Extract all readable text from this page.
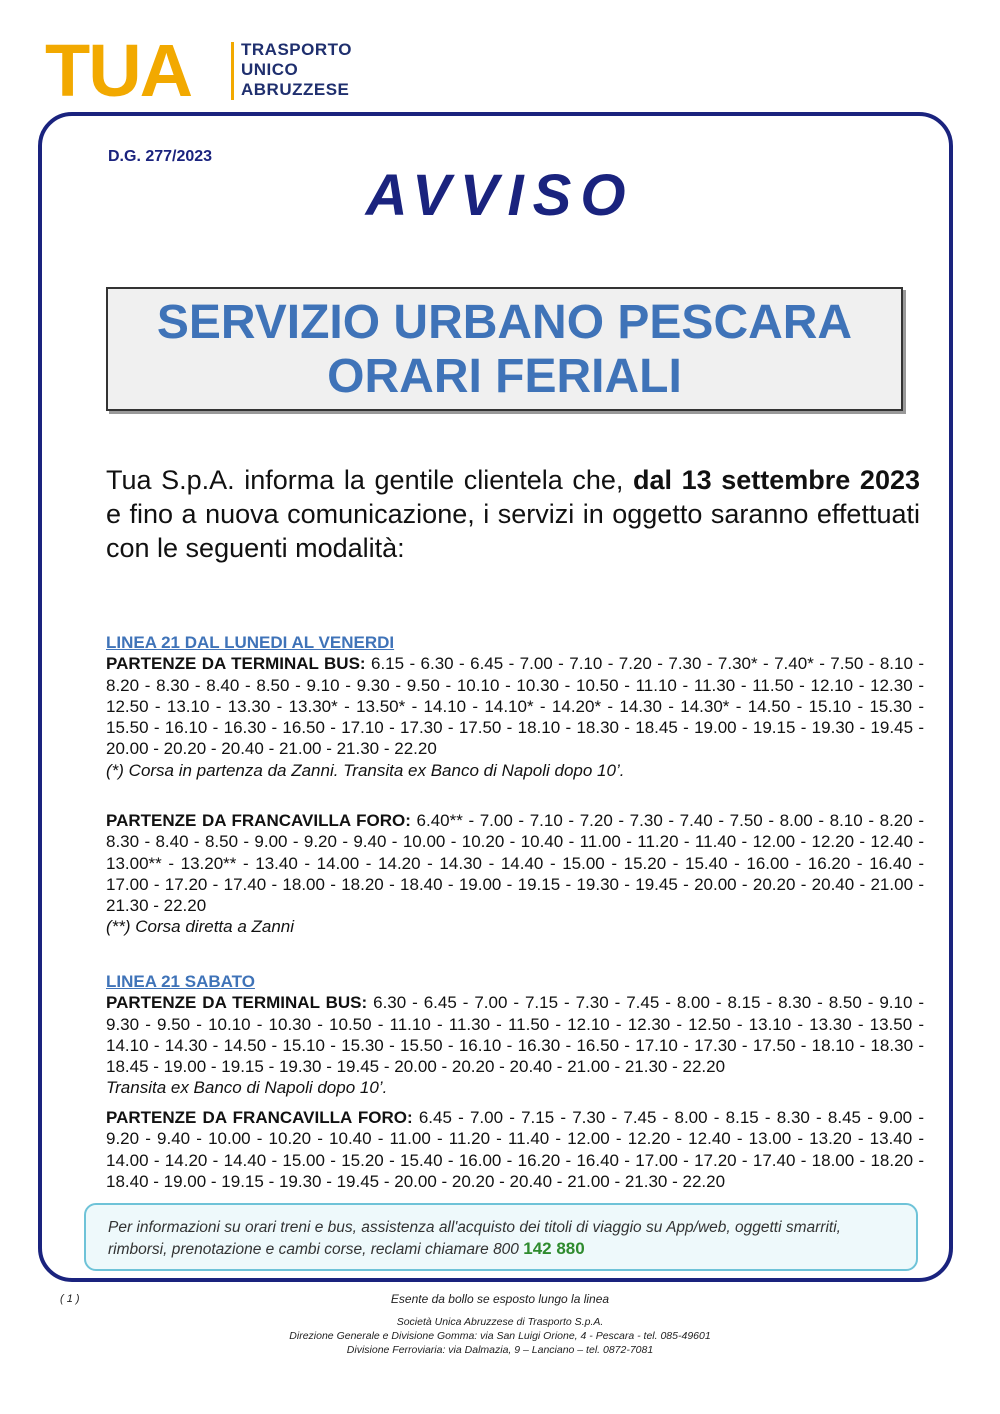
TUA	TRASPORTO
UNICO
ABRUZZESE
D.G. 277/2023
AVVISO
SERVIZIO URBANO PESCARA
ORARI FERIALI
Tua S.p.A. informa la gentile clientela che, dal 13 settembre 2023 e fino a nuova comunicazione, i servizi in oggetto saranno effettuati con le seguenti modalità:
LINEA 21 DAL LUNEDI AL VENERDI
PARTENZE DA TERMINAL BUS: 6.15 - 6.30 - 6.45 - 7.00 - 7.10 - 7.20 - 7.30 - 7.30* - 7.40* - 7.50 - 8.10 - 8.20 - 8.30 - 8.40 - 8.50 - 9.10 - 9.30 - 9.50 - 10.10 - 10.30 - 10.50 - 11.10 - 11.30 - 11.50 - 12.10 - 12.30 - 12.50 - 13.10 - 13.30 - 13.30* - 13.50* - 14.10 - 14.10* - 14.20* - 14.30 - 14.30* - 14.50 - 15.10 - 15.30 - 15.50 - 16.10 - 16.30 - 16.50 - 17.10 - 17.30 - 17.50 - 18.10 - 18.30 - 18.45 - 19.00 - 19.15 - 19.30 - 19.45 - 20.00 - 20.20 - 20.40 - 21.00 - 21.30 - 22.20
(*) Corsa in partenza da Zanni. Transita ex Banco di Napoli dopo 10’.
PARTENZE DA FRANCAVILLA FORO: 6.40** - 7.00 - 7.10 - 7.20 - 7.30 - 7.40 - 7.50 - 8.00 - 8.10 - 8.20 - 8.30 - 8.40 - 8.50 - 9.00 - 9.20 - 9.40 - 10.00 - 10.20 - 10.40 - 11.00 - 11.20 - 11.40 - 12.00 - 12.20 - 12.40 - 13.00** - 13.20** - 13.40 - 14.00 - 14.20 - 14.30 - 14.40 - 15.00 - 15.20 - 15.40 - 16.00 - 16.20 - 16.40 - 17.00 - 17.20 - 17.40 - 18.00 - 18.20 - 18.40 - 19.00 - 19.15 - 19.30 - 19.45 - 20.00 - 20.20 - 20.40 - 21.00 - 21.30 - 22.20
(**) Corsa diretta a Zanni
LINEA 21 SABATO
PARTENZE DA TERMINAL BUS: 6.30 - 6.45 - 7.00 - 7.15 - 7.30 - 7.45 - 8.00 - 8.15 - 8.30 - 8.50 - 9.10 - 9.30 - 9.50 - 10.10 - 10.30 - 10.50 - 11.10 - 11.30 - 11.50 - 12.10 - 12.30 - 12.50 - 13.10 - 13.30 - 13.50 - 14.10 - 14.30 - 14.50 - 15.10 - 15.30 - 15.50 - 16.10 - 16.30 - 16.50 - 17.10 - 17.30 - 17.50 - 18.10 - 18.30 - 18.45 - 19.00 - 19.15 - 19.30 - 19.45 - 20.00 - 20.20 - 20.40 - 21.00 - 21.30 - 22.20
Transita ex Banco di Napoli dopo 10’.
PARTENZE DA FRANCAVILLA FORO: 6.45 - 7.00 - 7.15 - 7.30 - 7.45 - 8.00 - 8.15 - 8.30 - 8.45 - 9.00 - 9.20 - 9.40 - 10.00 - 10.20 - 10.40 - 11.00 - 11.20 - 11.40 - 12.00 - 12.20 - 12.40 - 13.00 - 13.20 - 13.40 - 14.00 - 14.20 - 14.40 - 15.00 - 15.20 - 15.40 - 16.00 - 16.20 - 16.40 - 17.00 - 17.20 - 17.40 - 18.00 - 18.20 - 18.40 - 19.00 - 19.15 - 19.30 - 19.45 - 20.00 - 20.20 - 20.40 - 21.00 - 21.30 - 22.20
Per informazioni su orari treni e bus, assistenza all'acquisto dei titoli di viaggio su App/web, oggetti smarriti, rimborsi, prenotazione e cambi corse, reclami chiamare 800 142 880
( 1 )	Esente da bollo se esposto lungo la linea
Società Unica Abruzzese di Trasporto S.p.A.
Direzione Generale e Divisione Gomma: via San Luigi Orione, 4 - Pescara - tel. 085-49601
Divisione Ferroviaria: via Dalmazia, 9 – Lanciano – tel. 0872-7081
